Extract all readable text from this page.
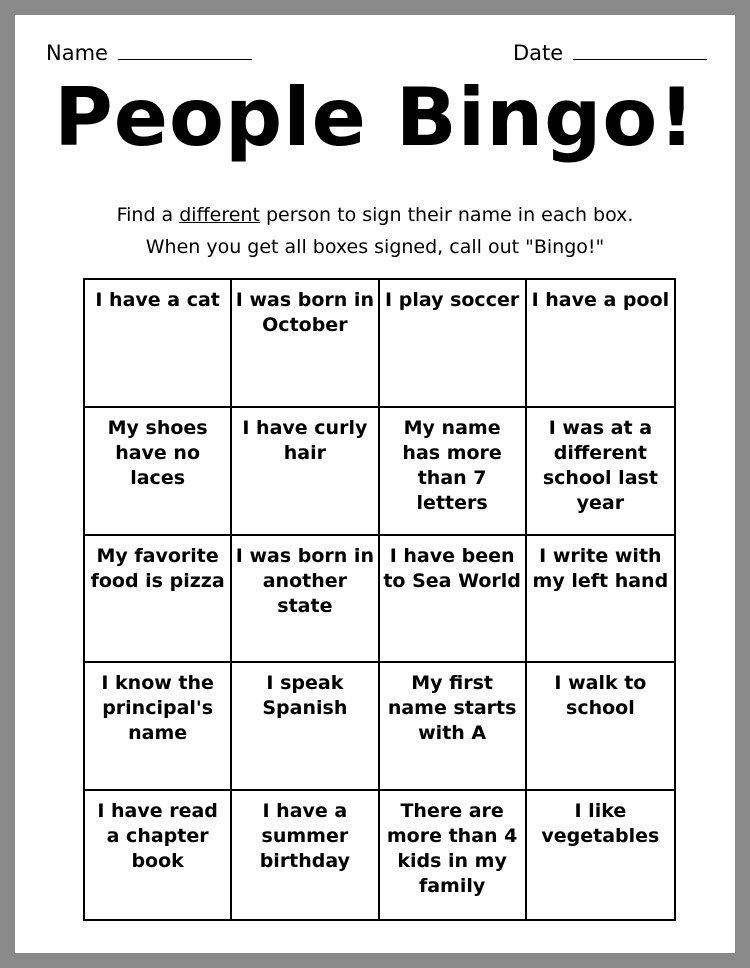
Name	Date
People Bingo!
Find a different person to sign their name in each box.
When you get all boxes signed, call out "Bingo!"
I have a cat I was born in October
I play soccer I have a pool
My shoes have no laces
I have curly hair
My name has more than 7 letters
I was at a different school last year
My favorite food is pizza
I was born in another state
I have been to Sea World
I write with my left hand
I know the principal's name
I speak Spanish
My first name starts with A
I walk to school
I have read a chapter book
I have a summer birthday
There are more than 4 kids in my family
I like vegetables
